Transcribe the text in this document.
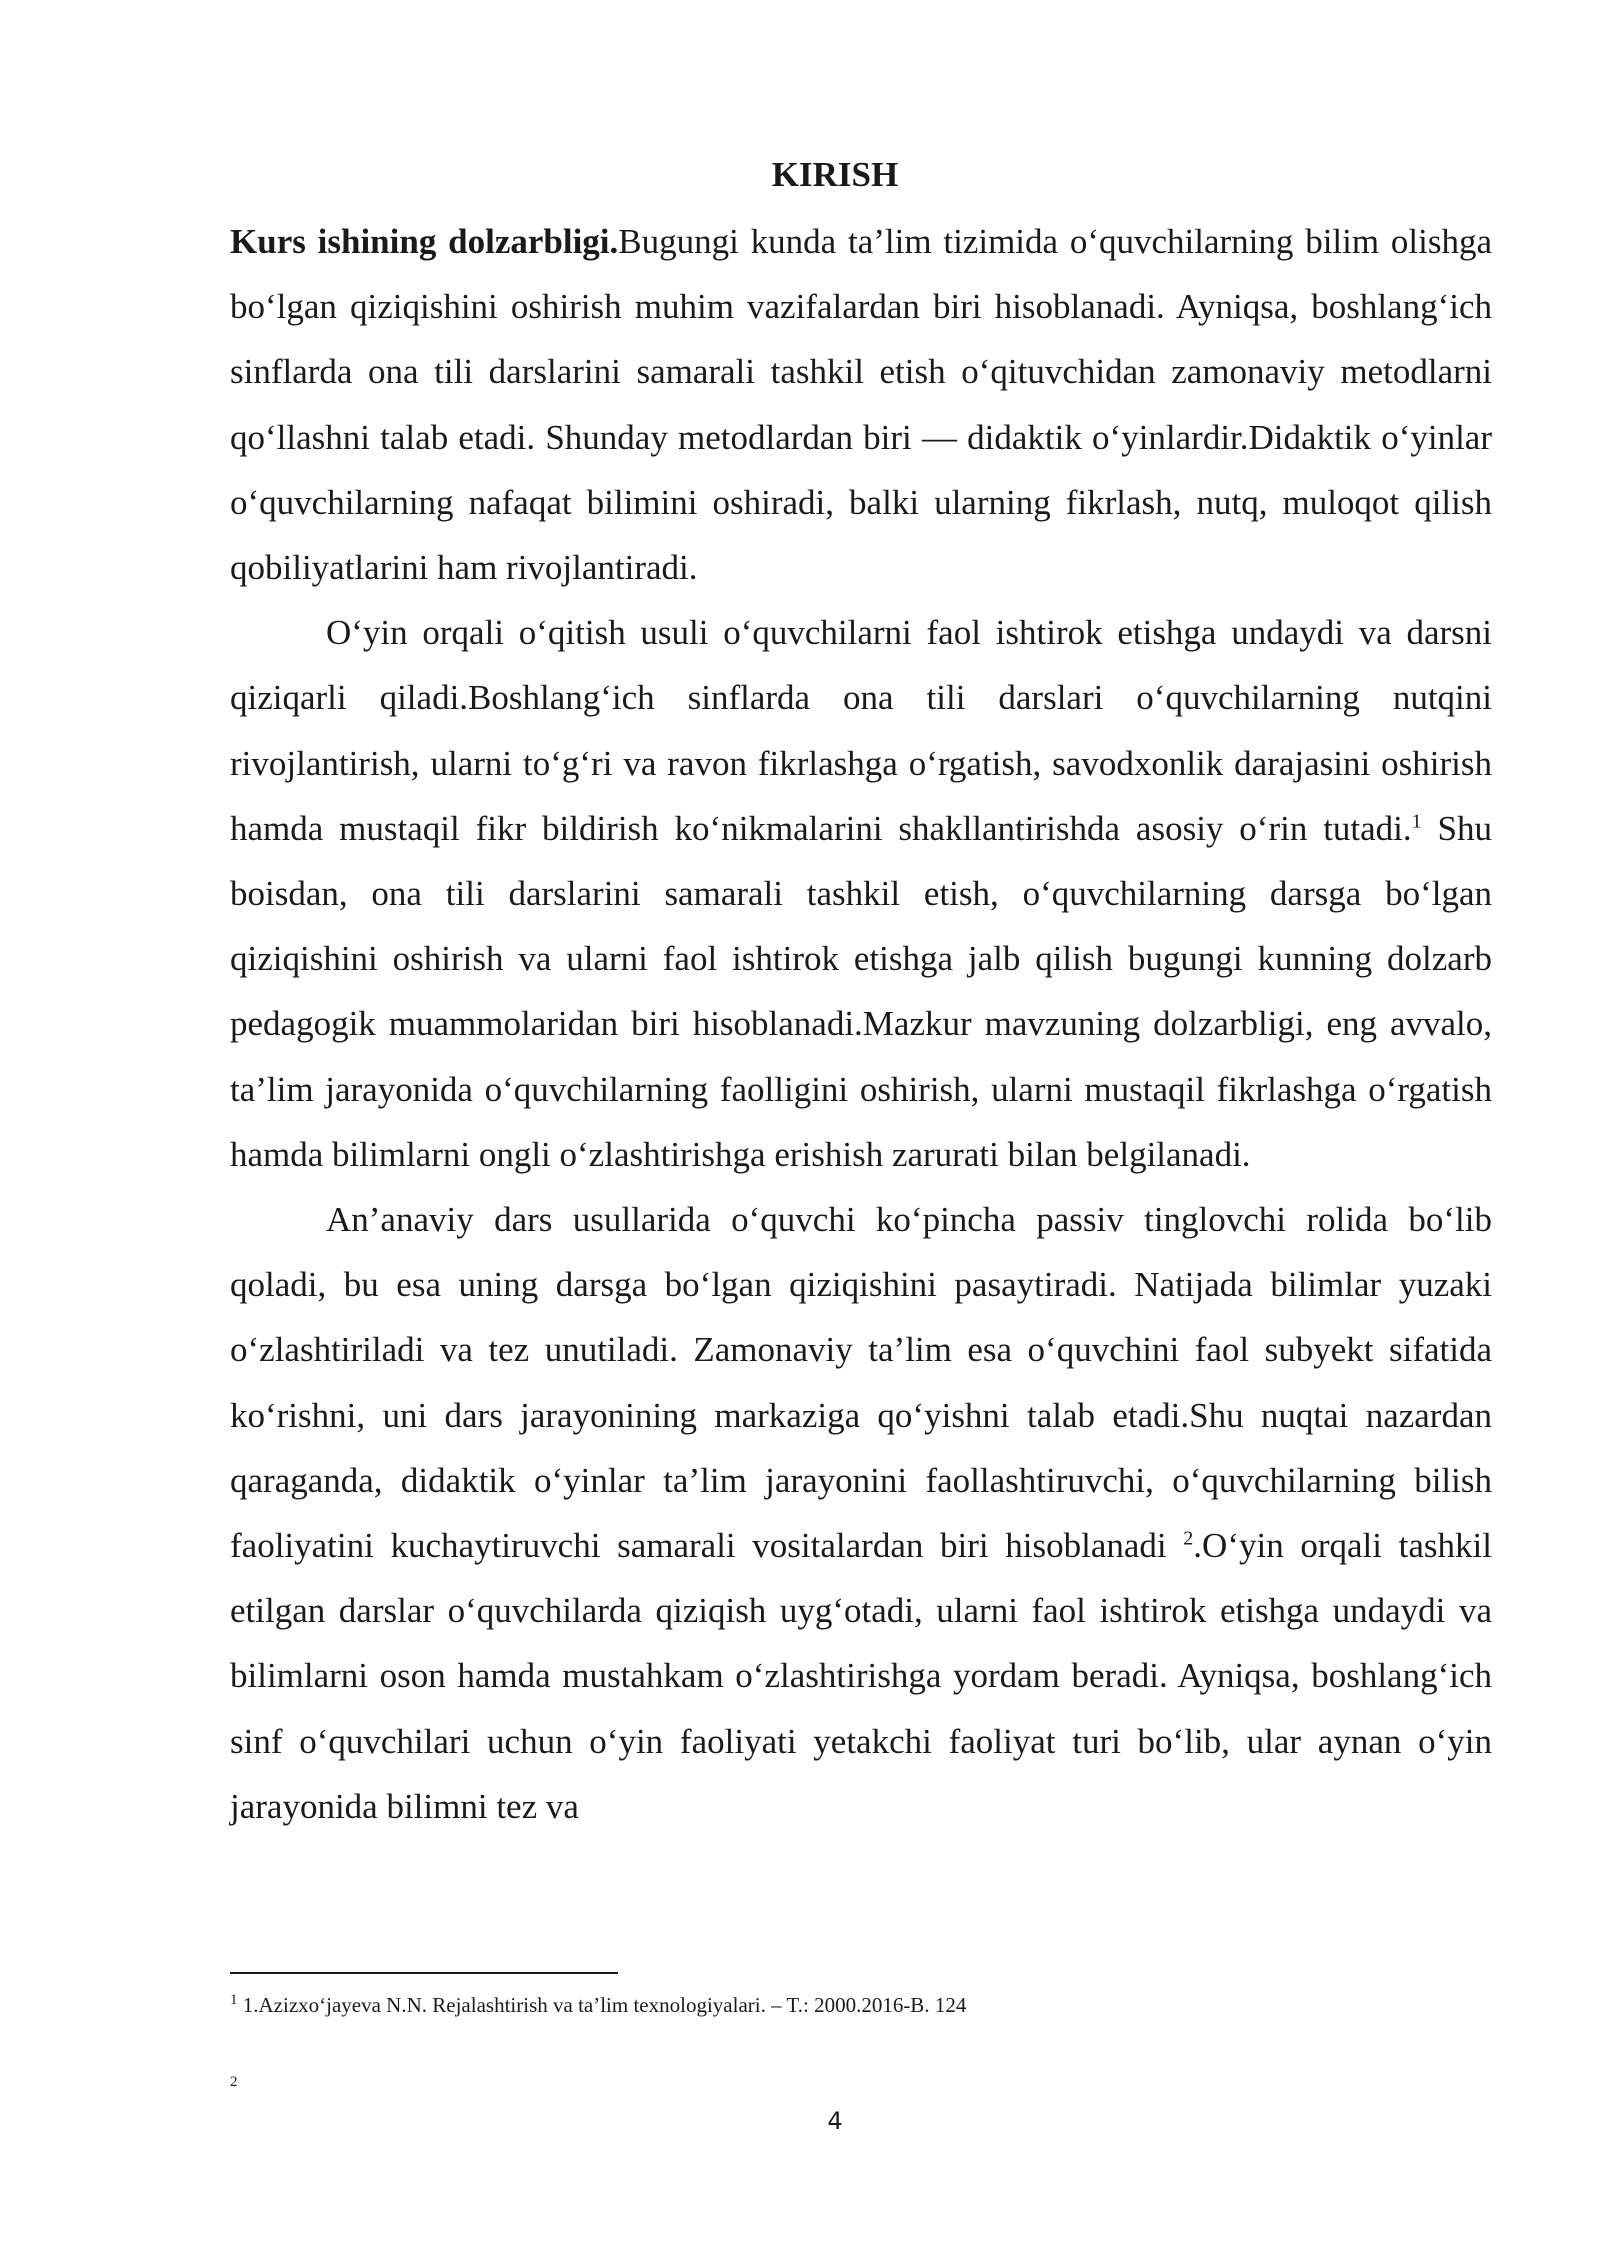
KIRISH

Kurs ishining dolzarbligi.Bugungi kunda ta’lim tizimida o‘quvchilarning bilim olishga bo‘lgan qiziqishini oshirish muhim vazifalardan biri hisoblanadi. Ayniqsa, boshlang‘ich sinflarda ona tili darslarini samarali tashkil etish o‘qituvchidan zamonaviy metodlarni qo‘llashni talab etadi. Shunday metodlardan biri — didaktik o‘yinlardir.Didaktik o‘yinlar o‘quvchilarning nafaqat bilimini oshiradi, balki ularning fikrlash, nutq, muloqot qilish qobiliyatlarini ham rivojlantiradi.

O‘yin orqali o‘qitish usuli o‘quvchilarni faol ishtirok etishga undaydi va darsni qiziqarli qiladi.Boshlang‘ich sinflarda ona tili darslari o‘quvchilarning nutqini rivojlantirish, ularni to‘g‘ri va ravon fikrlashga o‘rgatish, savodxonlik darajasini oshirish hamda mustaqil fikr bildirish ko‘nikmalarini shakllantirishda asosiy o‘rin tutadi.$^1$ Shu boisdan, ona tili darslarini samarali tashkil etish, o‘quvchilarning darsga bo‘lgan qiziqishini oshirish va ularni faol ishtirok etishga jalb qilish bugungi kunning dolzarb pedagogik muammolaridan biri hisoblanadi.Mazkur mavzuning dolzarbligi, eng avvalo, ta’lim jarayonida o‘quvchilarning faolligini oshirish, ularni mustaqil fikrlashga o‘rgatish hamda bilimlarni ongli o‘zlashtirishga erishish zarurati bilan belgilanadi.

An’anaviy dars usullarida o‘quvchi ko‘pincha passiv tinglovchi rolida bo‘lib qoladi, bu esa uning darsga bo‘lgan qiziqishini pasaytiradi. Natijada bilimlar yuzaki o‘zlashtiriladi va tez unutiladi. Zamonaviy ta’lim esa o‘quvchini faol subyekt sifatida ko‘rishni, uni dars jarayonining markaziga qo‘yishni talab etadi.Shu nuqtai nazardan qaraganda, didaktik o‘yinlar ta’lim jarayonini faollashtiruvchi, o‘quvchilarning bilish faoliyatini kuchaytiruvchi samarali vositalardan biri hisoblanadi $^2$.O‘yin orqali tashkil etilgan darslar o‘quvchilarda qiziqish uyg‘otadi, ularni faol ishtirok etishga undaydi va bilimlarni oson hamda mustahkam o‘zlashtirishga yordam beradi. Ayniqsa, boshlang‘ich sinf o‘quvchilari uchun o‘yin faoliyati yetakchi faoliyat turi bo‘lib, ular aynan o‘yin jarayonida bilimni tez va

$^1$ 1.Azizxo‘jayeva N.N. Rejalashtirish va ta’lim texnologiyalari. – T.: 2000.2016-B. 124
2
4
